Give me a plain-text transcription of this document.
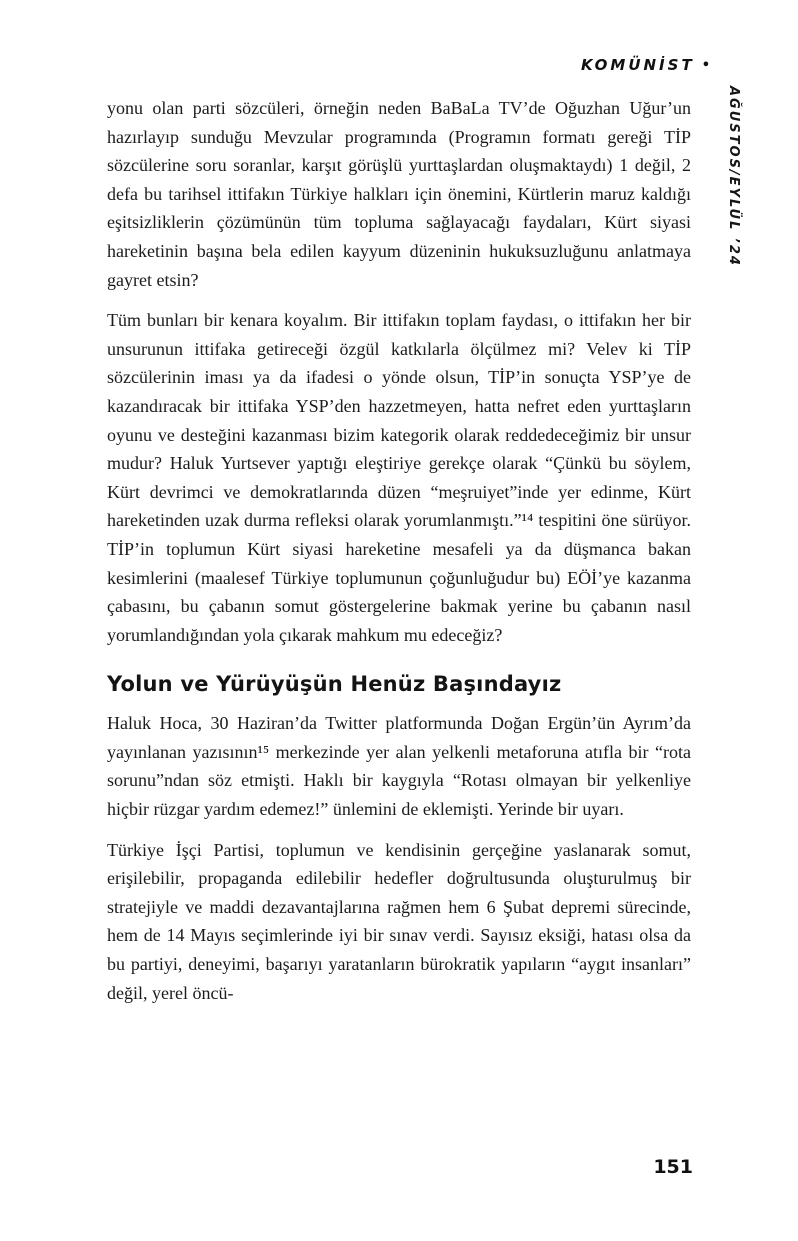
KOMÜNİST •
AĞUSTOS/EYLÜL ’24

yonu olan parti sözcüleri, örneğin neden BaBaLa TV’de Oğuzhan Uğur’un hazırlayıp sunduğu Mevzular programında (Programın formatı gereği TİP sözcülerine soru soranlar, karşıt görüşlü yurttaşlardan oluşmaktaydı) 1 değil, 2 defa bu tarihsel ittifakın Türkiye halkları için önemini, Kürtlerin maruz kaldığı eşitsizliklerin çözümünün tüm topluma sağlayacağı faydaları, Kürt siyasi hareketinin başına bela edilen kayyum düzeninin hukuksuzluğunu anlatmaya gayret etsin?

Tüm bunları bir kenara koyalım. Bir ittifakın toplam faydası, o ittifakın her bir unsurunun ittifaka getireceği özgül katkılarla ölçülmez mi? Velev ki TİP sözcülerinin iması ya da ifadesi o yönde olsun, TİP’in sonuçta YSP’ye de kazandıracak bir ittifaka YSP’den hazzetmeyen, hatta nefret eden yurttaşların oyunu ve desteğini kazanması bizim kategorik olarak reddedeceğimiz bir unsur mudur? Haluk Yurtsever yaptığı eleştiriye gerekçe olarak “Çünkü bu söylem, Kürt devrimci ve demokratlarında düzen “meşruiyet”inde yer edinme, Kürt hareketinden uzak durma refleksi olarak yorumlanmıştı.”¹⁴ tespitini öne sürüyor. TİP’in toplumun Kürt siyasi hareketine mesafeli ya da düşmanca bakan kesimlerini (maalesef Türkiye toplumunun çoğunluğudur bu) EÖİ’ye kazanma çabasını, bu çabanın somut göstergelerine bakmak yerine bu çabanın nasıl yorumlandığından yola çıkarak mahkum mu edeceğiz?

Yolun ve Yürüyüşün Henüz Başındayız

Haluk Hoca, 30 Haziran’da Twitter platformunda Doğan Ergün’ün Ayrım’da yayınlanan yazısının¹⁵ merkezinde yer alan yelkenli metaforuna atıfla bir “rota sorunu”ndan söz etmişti. Haklı bir kaygıyla “Rotası olmayan bir yelkenliye hiçbir rüzgar yardım edemez!” ünlemini de eklemişti. Yerinde bir uyarı.

Türkiye İşçi Partisi, toplumun ve kendisinin gerçeğine yaslanarak somut, erişilebilir, propaganda edilebilir hedefler doğrultusunda oluşturulmuş bir stratejiyle ve maddi dezavantajlarına rağmen hem 6 Şubat depremi sürecinde, hem de 14 Mayıs seçimlerinde iyi bir sınav verdi. Sayısız eksiği, hatası olsa da bu partiyi, deneyimi, başarıyı yaratanların bürokratik yapıların “aygıt insanları” değil, yerel öncü-

151
